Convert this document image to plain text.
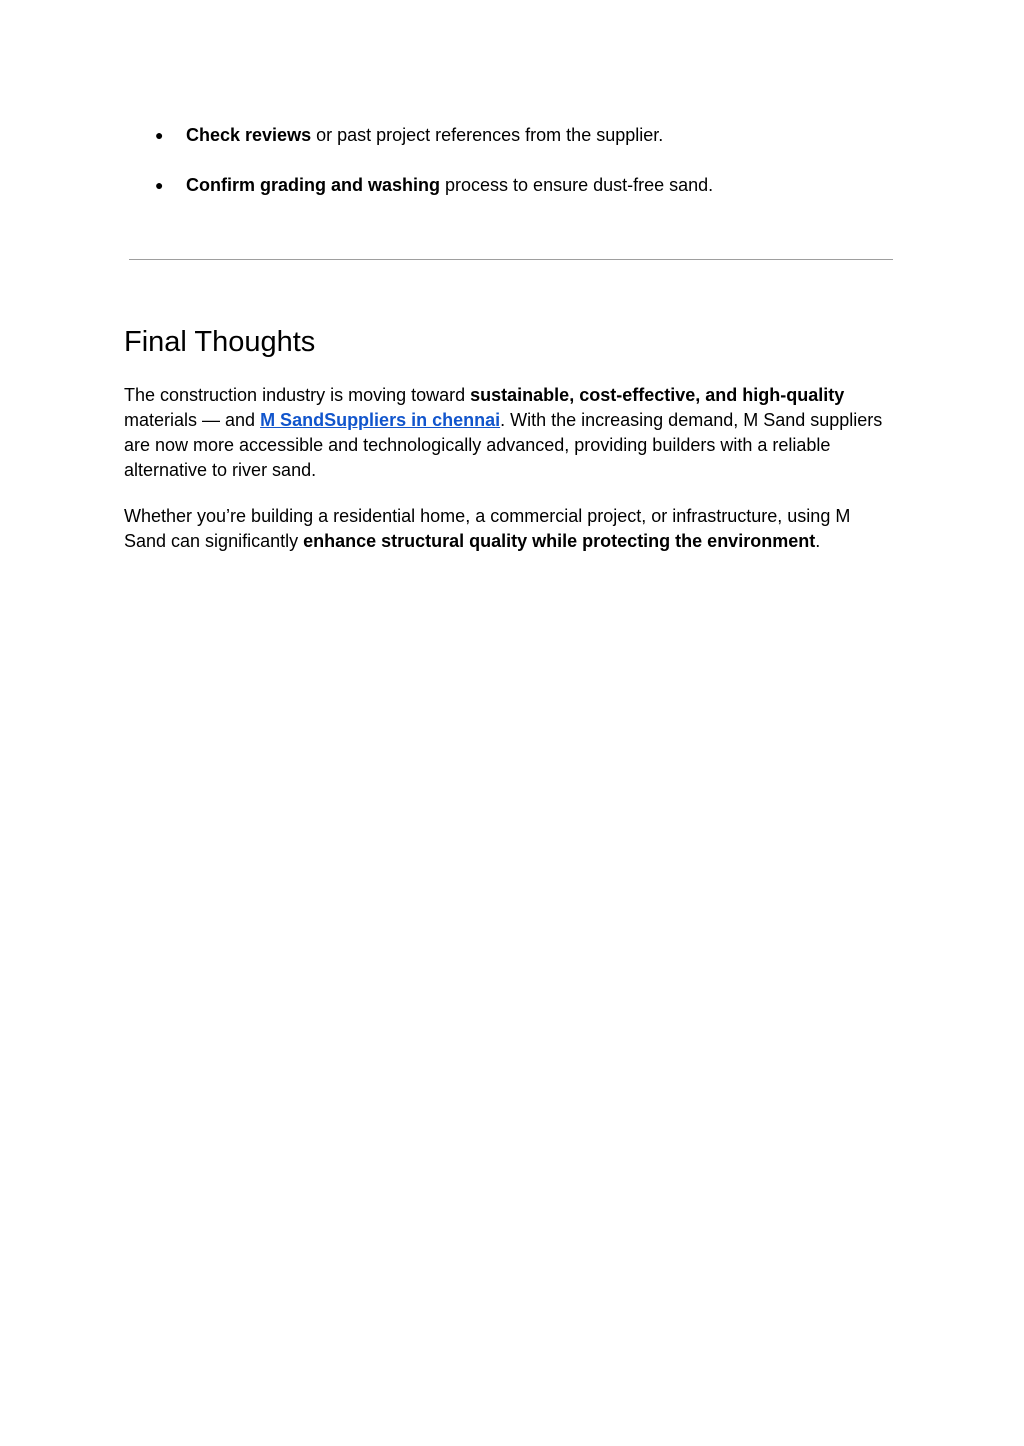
● Check reviews or past project references from the supplier.
● Confirm grading and washing process to ensure dust-free sand.
Final Thoughts

The construction industry is moving toward sustainable, cost-effective, and high-quality materials — and M SandSuppliers in chennai. With the increasing demand, M Sand suppliers are now more accessible and technologically advanced, providing builders with a reliable alternative to river sand.

Whether you’re building a residential home, a commercial project, or infrastructure, using M Sand can significantly enhance structural quality while protecting the environment.
